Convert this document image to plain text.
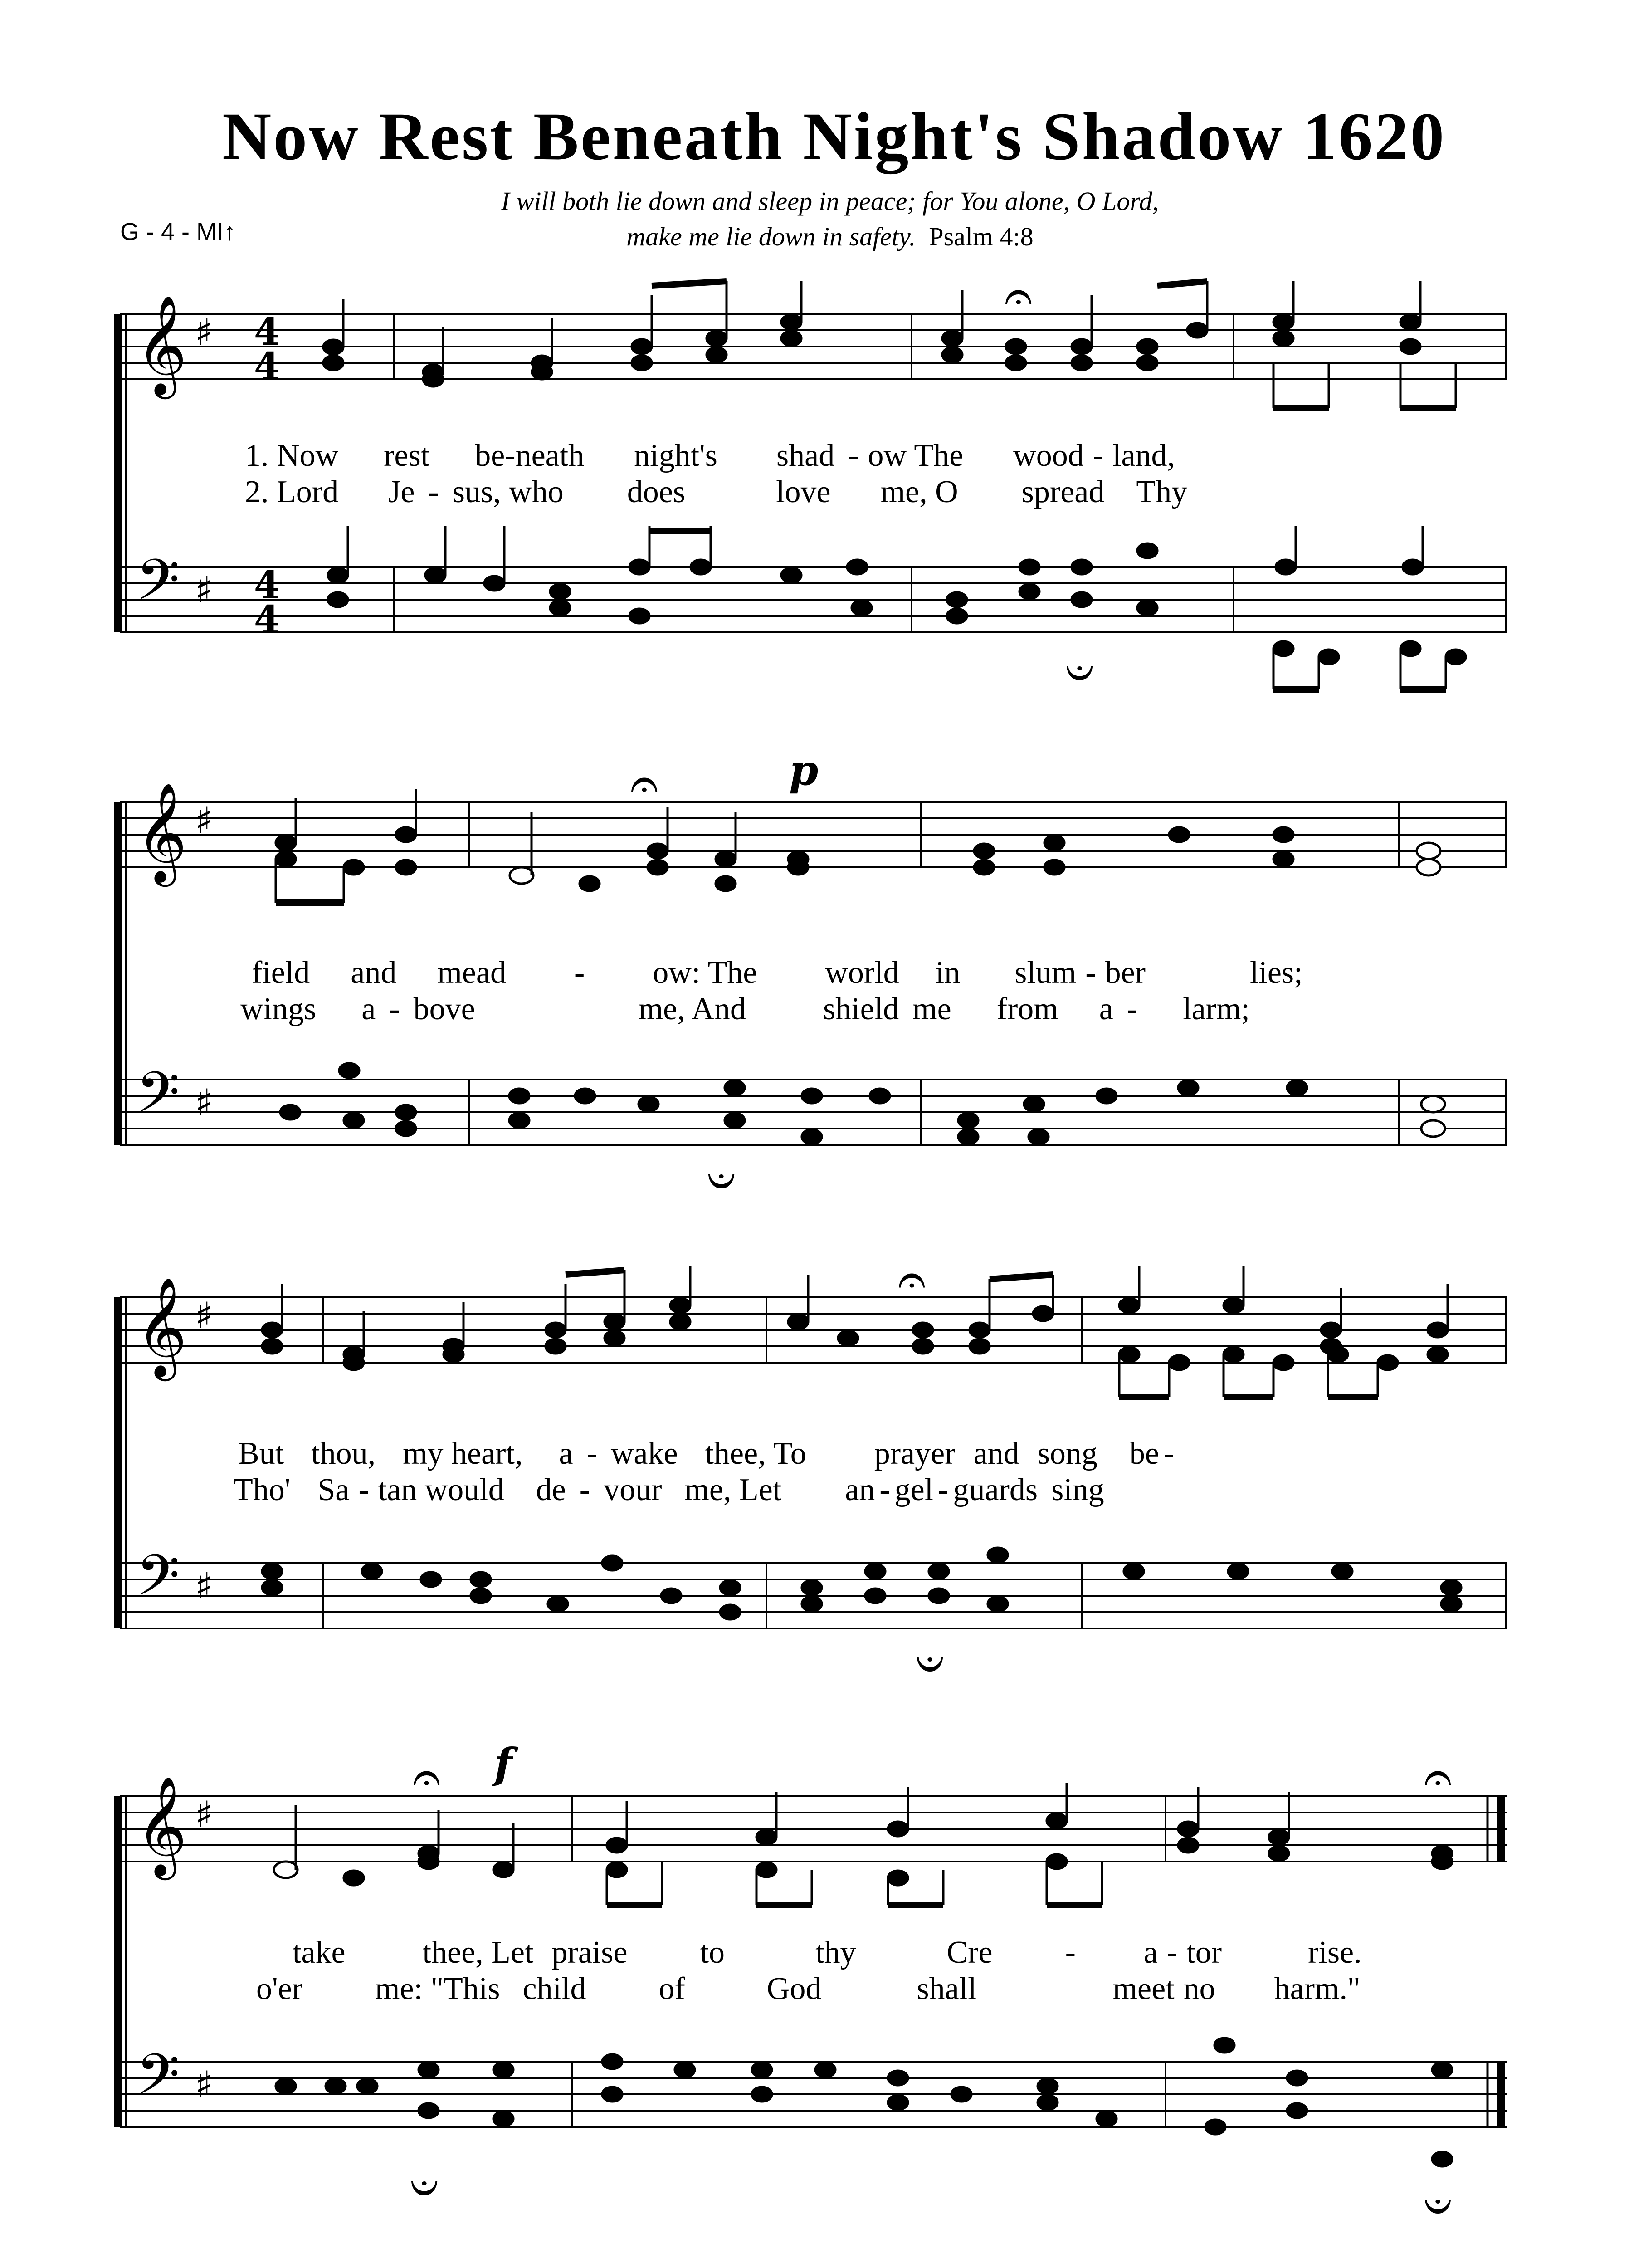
Now Rest Beneath Night's Shadow 1620
G - 4 - MI↑
I will both lie down and sleep in peace; for You alone, O Lord,
make me lie down in safety. Psalm 4:8
𝄞
𝄢
♯
♯
4
4
4
4
𝄐
𝄑
1. Now rest be-neath night's shad - ow The wood - land,
2. Lord Je - sus, who does	love me, O spread Thy
𝄞
𝄢
♯
♯
p
𝄐
𝄑
field and mead - ow: The world in slum - ber	lies;
wings a - bove	me, And shield me from a - larm;
𝄞
𝄢
♯
♯
𝄐
𝄑
But thou, my heart, a - wake thee, To prayer and song be -
Tho' Sa - tan would de - vour me, Let an - gel - guards sing
𝄞
𝄢
♯
♯
f
𝄐	𝄐
𝄑	𝄑
take thee, Let praise to	thy	Cre - a - tor	rise.
o'er me: "This child of	God	shall	meet no harm."
